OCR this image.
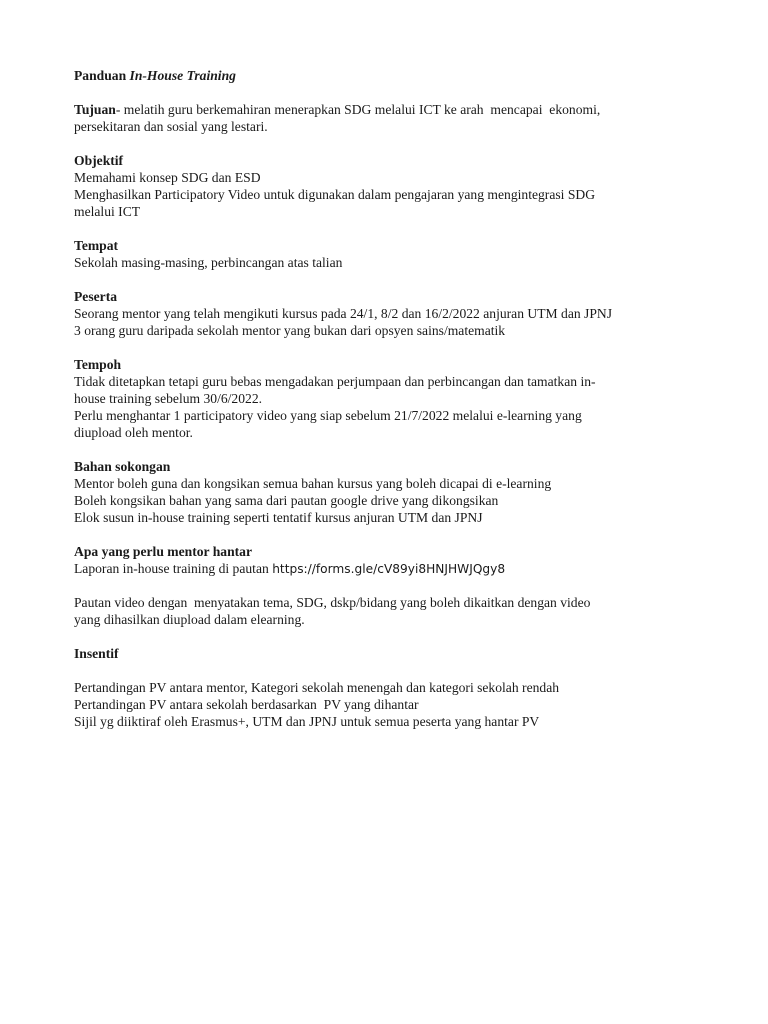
Panduan In-House Training
Tujuan- melatih guru berkemahiran menerapkan SDG melalui ICT ke arah  mencapai  ekonomi,
persekitaran dan sosial yang lestari.
Objektif
Memahami konsep SDG dan ESD
Menghasilkan Participatory Video untuk digunakan dalam pengajaran yang mengintegrasi SDG
melalui ICT
Tempat
Sekolah masing-masing, perbincangan atas talian
Peserta
Seorang mentor yang telah mengikuti kursus pada 24/1, 8/2 dan 16/2/2022 anjuran UTM dan JPNJ
3 orang guru daripada sekolah mentor yang bukan dari opsyen sains/matematik
Tempoh
Tidak ditetapkan tetapi guru bebas mengadakan perjumpaan dan perbincangan dan tamatkan in-
house training sebelum 30/6/2022.
Perlu menghantar 1 participatory video yang siap sebelum 21/7/2022 melalui e-learning yang
diupload oleh mentor.
Bahan sokongan
Mentor boleh guna dan kongsikan semua bahan kursus yang boleh dicapai di e-learning
Boleh kongsikan bahan yang sama dari pautan google drive yang dikongsikan
Elok susun in-house training seperti tentatif kursus anjuran UTM dan JPNJ
Apa yang perlu mentor hantar
Laporan in-house training di pautan https://forms.gle/cV89yi8HNJHWJQgy8
Pautan video dengan  menyatakan tema, SDG, dskp/bidang yang boleh dikaitkan dengan video
yang dihasilkan diupload dalam elearning.
Insentif
Pertandingan PV antara mentor, Kategori sekolah menengah dan kategori sekolah rendah
Pertandingan PV antara sekolah berdasarkan  PV yang dihantar
Sijil yg diiktiraf oleh Erasmus+, UTM dan JPNJ untuk semua peserta yang hantar PV
